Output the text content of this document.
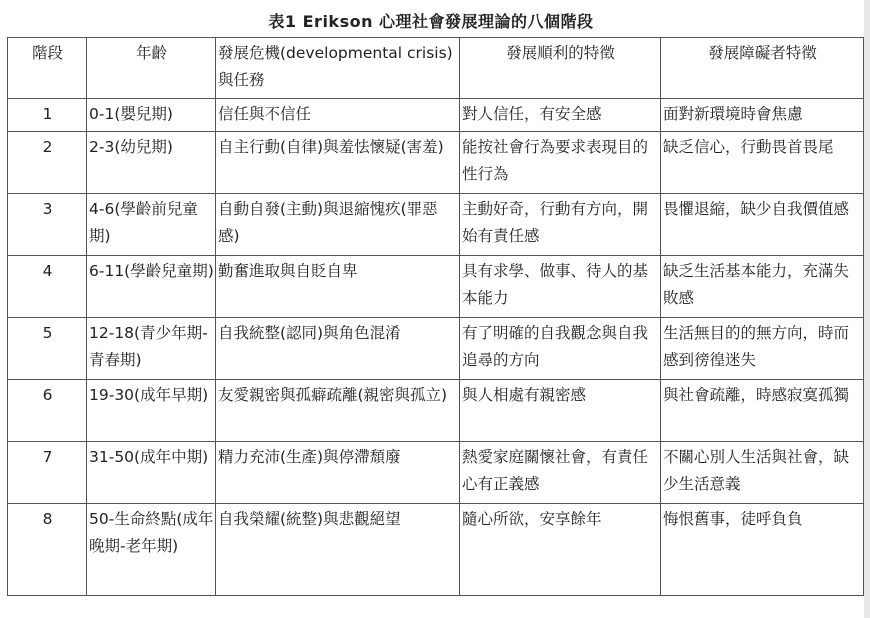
表1 Erikson 心理社會發展理論的八個階段
階段	年齡	發展危機(developmental crisis)與任務	發展順利的特徵	發展障礙者特徵
1	0-1(嬰兒期)	信任與不信任	對人信任，有安全感	面對新環境時會焦慮
2	2-3(幼兒期)	自主行動(自律)與羞怯懷疑(害羞)	能按社會行為要求表現目的性行為	缺乏信心，行動畏首畏尾
3	4-6(學齡前兒童期)	自動自發(主動)與退縮愧疚(罪惡感)	主動好奇，行動有方向，開始有責任感	畏懼退縮，缺少自我價值感
4	6-11(學齡兒童期)	勤奮進取與自貶自卑	具有求學、做事、待人的基本能力	缺乏生活基本能力，充滿失敗感
5	12-18(青少年期-青春期)	自我統整(認同)與角色混淆	有了明確的自我觀念與自我追尋的方向	生活無目的的無方向，時而感到徬徨迷失
6	19-30(成年早期)	友愛親密與孤癖疏離(親密與孤立)	與人相處有親密感	與社會疏離，時感寂寞孤獨
7	31-50(成年中期)	精力充沛(生產)與停滯頹廢	熱愛家庭關懷社會，有責任心有正義感	不關心別人生活與社會，缺少生活意義
8	50-生命終點(成年晚期-老年期)	自我榮耀(統整)與悲觀絕望	隨心所欲，安享餘年	悔恨舊事，徒呼負負
